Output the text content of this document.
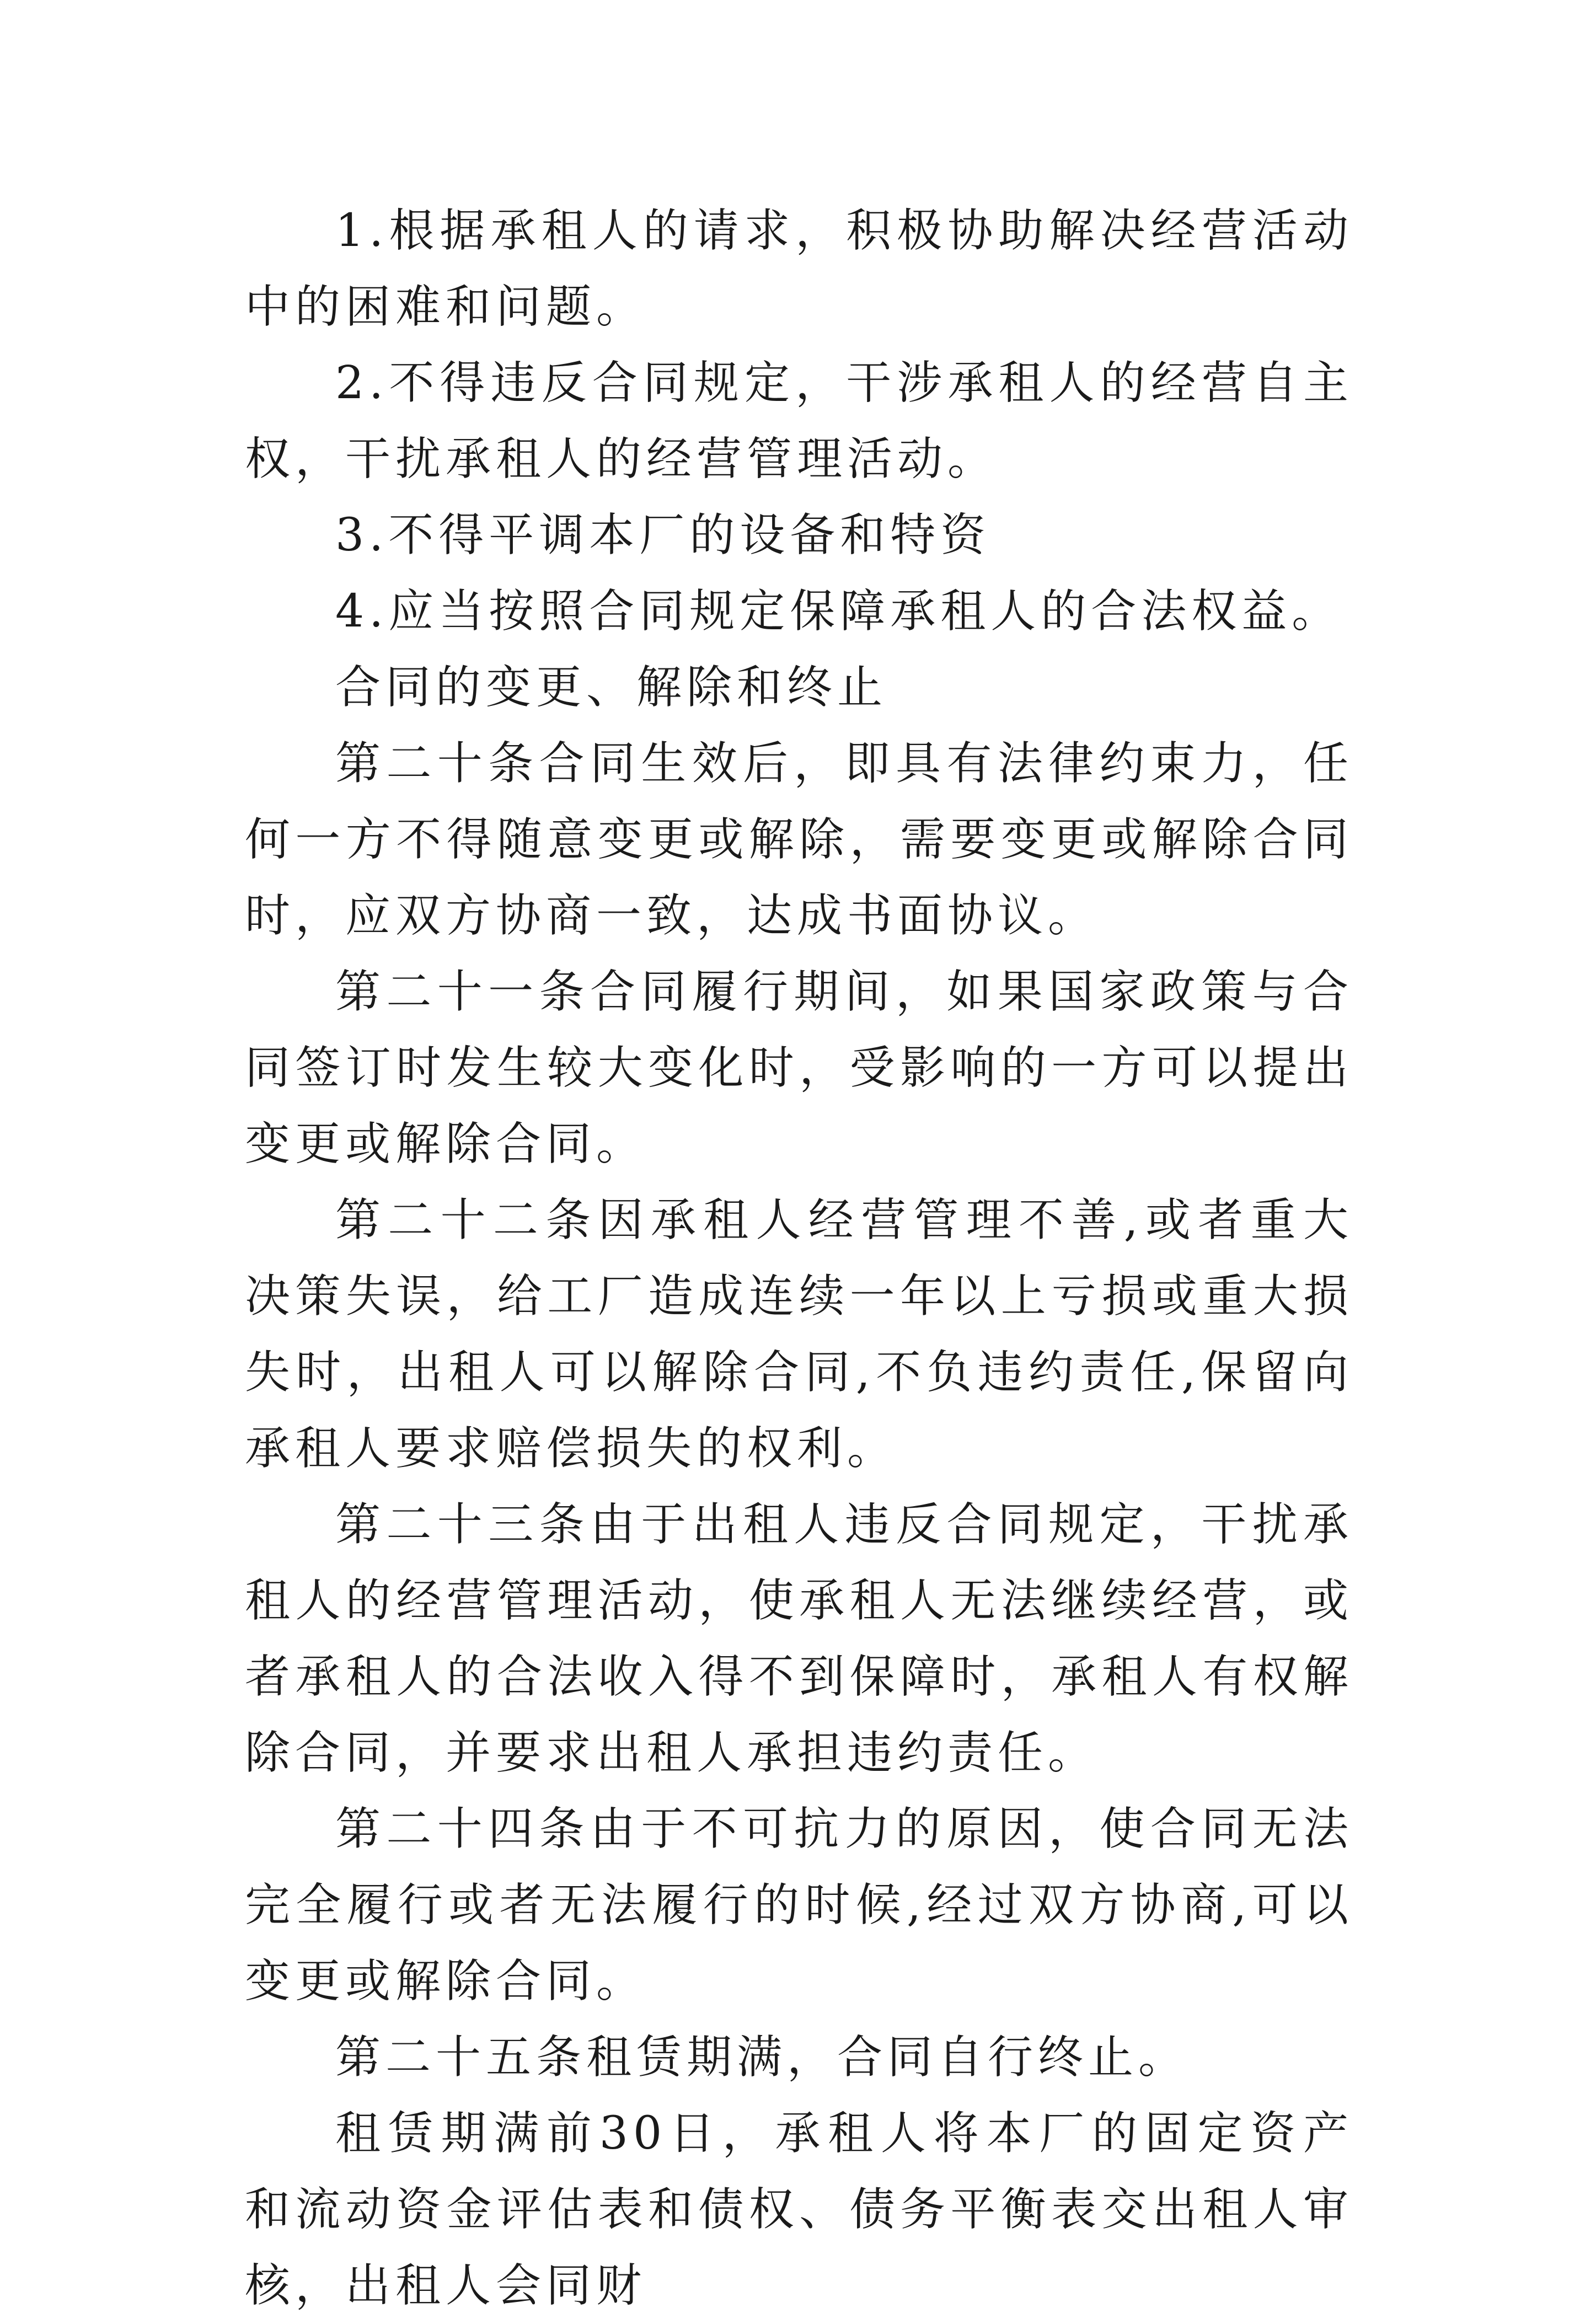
1.根据承租人的请求，积极协助解决经营活动中的困难和问题。

2.不得违反合同规定，干涉承租人的经营自主权，干扰承租人的经营管理活动。

3.不得平调本厂的设备和特资

4.应当按照合同规定保障承租人的合法权益。

合同的变更、解除和终止

第二十条合同生效后，即具有法律约束力，任何一方不得随意变更或解除，需要变更或解除合同时，应双方协商一致，达成书面协议。

第二十一条合同履行期间，如果国家政策与合同签订时发生较大变化时，受影响的一方可以提出变更或解除合同。

第二十二条因承租人经营管理不善,或者重大决策失误，给工厂造成连续一年以上亏损或重大损失时，出租人可以解除合同,不负违约责任,保留向承租人要求赔偿损失的权利。

第二十三条由于出租人违反合同规定，干扰承租人的经营管理活动，使承租人无法继续经营，或者承租人的合法收入得不到保障时，承租人有权解除合同，并要求出租人承担违约责任。

第二十四条由于不可抗力的原因，使合同无法完全履行或者无法履行的时候,经过双方协商,可以变更或解除合同。

第二十五条租赁期满，合同自行终止。

租赁期满前30日，承租人将本厂的固定资产和流动资金评估表和债权、债务平衡表交出租人审核，出租人会同财
